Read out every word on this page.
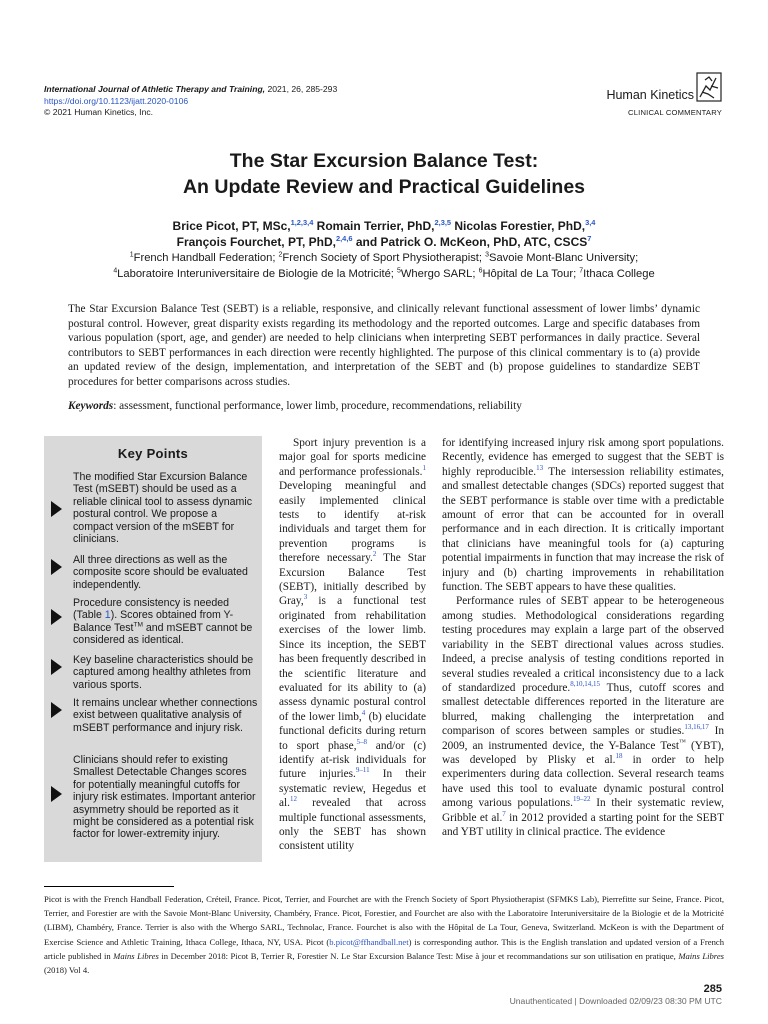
International Journal of Athletic Therapy and Training, 2021, 26, 285-293
https://doi.org/10.1123/ijatt.2020-0106
© 2021 Human Kinetics, Inc.
Human Kinetics
CLINICAL COMMENTARY
The Star Excursion Balance Test:
An Update Review and Practical Guidelines
Brice Picot, PT, MSc,$^{1,2,3,4}$ Romain Terrier, PhD,$^{2,3,5}$ Nicolas Forestier, PhD,$^{3,4}$
François Fourchet, PT, PhD,$^{2,4,6}$ and Patrick O. McKeon, PhD, ATC, CSCS$^7$
$^1$French Handball Federation; $^2$French Society of Sport Physiotherapist; $^3$Savoie Mont-Blanc University;
$^4$Laboratoire Interuniversitaire de Biologie de la Motricité; $^5$Whergo SARL; $^6$Hôpital de La Tour; $^7$Ithaca College
The Star Excursion Balance Test (SEBT) is a reliable, responsive, and clinically relevant functional assessment of lower limbs’ dynamic postural control. However, great disparity exists regarding its methodology and the reported outcomes. Large and specific databases from various population (sport, age, and gender) are needed to help clinicians when interpreting SEBT performances in daily practice. Several contributors to SEBT performances in each direction were recently highlighted. The purpose of this clinical commentary is to (a) provide an updated review of the design, implementation, and interpretation of the SEBT and (b) propose guidelines to standardize SEBT procedures for better comparisons across studies.
Keywords: assessment, functional performance, lower limb, procedure, recommendations, reliability
Key Points
The modified Star Excursion Balance Test (mSEBT) should be used as a reliable clinical tool to assess dynamic postural control. We propose a compact version of the mSEBT for clinicians.
All three directions as well as the composite score should be evaluated independently.
Procedure consistency is needed (Table 1). Scores obtained from Y-Balance Test™ and mSEBT cannot be considered as identical.
Key baseline characteristics should be captured among healthy athletes from various sports.
It remains unclear whether connections exist between qualitative analysis of mSEBT performance and injury risk.
Clinicians should refer to existing Smallest Detectable Changes scores for potentially meaningful cutoffs for injury risk estimates. Important anterior asymmetry should be reported as it might be considered as a potential risk factor for lower-extremity injury.

Sport injury prevention is a major goal for sports medicine and performance professionals.$^1$ Developing meaningful and easily implemented clinical tests to identify at-risk individuals and target them for prevention programs is therefore necessary.$^2$ The Star Excursion Balance Test (SEBT), initially described by Gray,$^3$ is a functional test originated from rehabilitation exercises of the lower limb. Since its inception, the SEBT has been frequently described in the scientific literature and evaluated for its ability to (a) assess dynamic postural control of the lower limb,$^4$ (b) elucidate functional deficits during return to sport phase,$^{5-8}$ and/or (c) identify at-risk individuals for future injuries.$^{9-11}$ In their systematic review, Hegedus et al.$^{12}$ revealed that across multiple functional assessments, only the SEBT has shown consistent utility

for identifying increased injury risk among sport populations. Recently, evidence has emerged to suggest that the SEBT is highly reproducible.$^{13}$ The intersession reliability estimates, and smallest detectable changes (SDCs) reported suggest that the SEBT performance is stable over time with a predictable amount of error that can be accounted for in overall performance and in each direction. It is critically important that clinicians have meaningful tools for (a) capturing potential impairments in function that may increase the risk of injury and (b) charting improvements in rehabilitation function. The SEBT appears to have these qualities.

Performance rules of SEBT appear to be heterogeneous among studies. Methodological considerations regarding testing procedures may explain a large part of the observed variability in the SEBT directional values across studies. Indeed, a precise analysis of testing conditions reported in several studies revealed a critical inconsistency due to a lack of standardized procedure.$^{8,10,14,15}$ Thus, cutoff scores and smallest detectable differences reported in the literature are blurred, making challenging the interpretation and comparison of scores between samples or studies.$^{13,16,17}$ In 2009, an instrumented device, the Y-Balance Test™ (YBT), was developed by Plisky et al.$^{18}$ in order to help experimenters during data collection. Several research teams have used this tool to evaluate dynamic postural control among various populations.$^{19-22}$ In their systematic review, Gribble et al.$^7$ in 2012 provided a starting point for the SEBT and YBT utility in clinical practice. The evidence

Picot is with the French Handball Federation, Créteil, France. Picot, Terrier, and Fourchet are with the French Society of Sport Physiotherapist (SFMKS Lab), Pierrefitte sur Seine, France. Picot, Terrier, and Forestier are with the Savoie Mont-Blanc University, Chambéry, France. Picot, Forestier, and Fourchet are also with the Laboratoire Interuniversitaire de la Biologie et de la Motricité (LIBM), Chambéry, France. Terrier is also with the Whergo SARL, Technolac, France. Fourchet is also with the Hôpital de La Tour, Geneva, Switzerland. McKeon is with the Department of Exercise Science and Athletic Training, Ithaca College, Ithaca, NY, USA. Picot (b.picot@ffhandball.net) is corresponding author. This is the English translation and updated version of a French article published in Mains Libres in December 2018: Picot B, Terrier R, Forestier N. Le Star Excursion Balance Test: Mise à jour et recommandations sur son utilisation en pratique, Mains Libres (2018) Vol 4.
285
Unauthenticated | Downloaded 02/09/23 08:30 PM UTC
